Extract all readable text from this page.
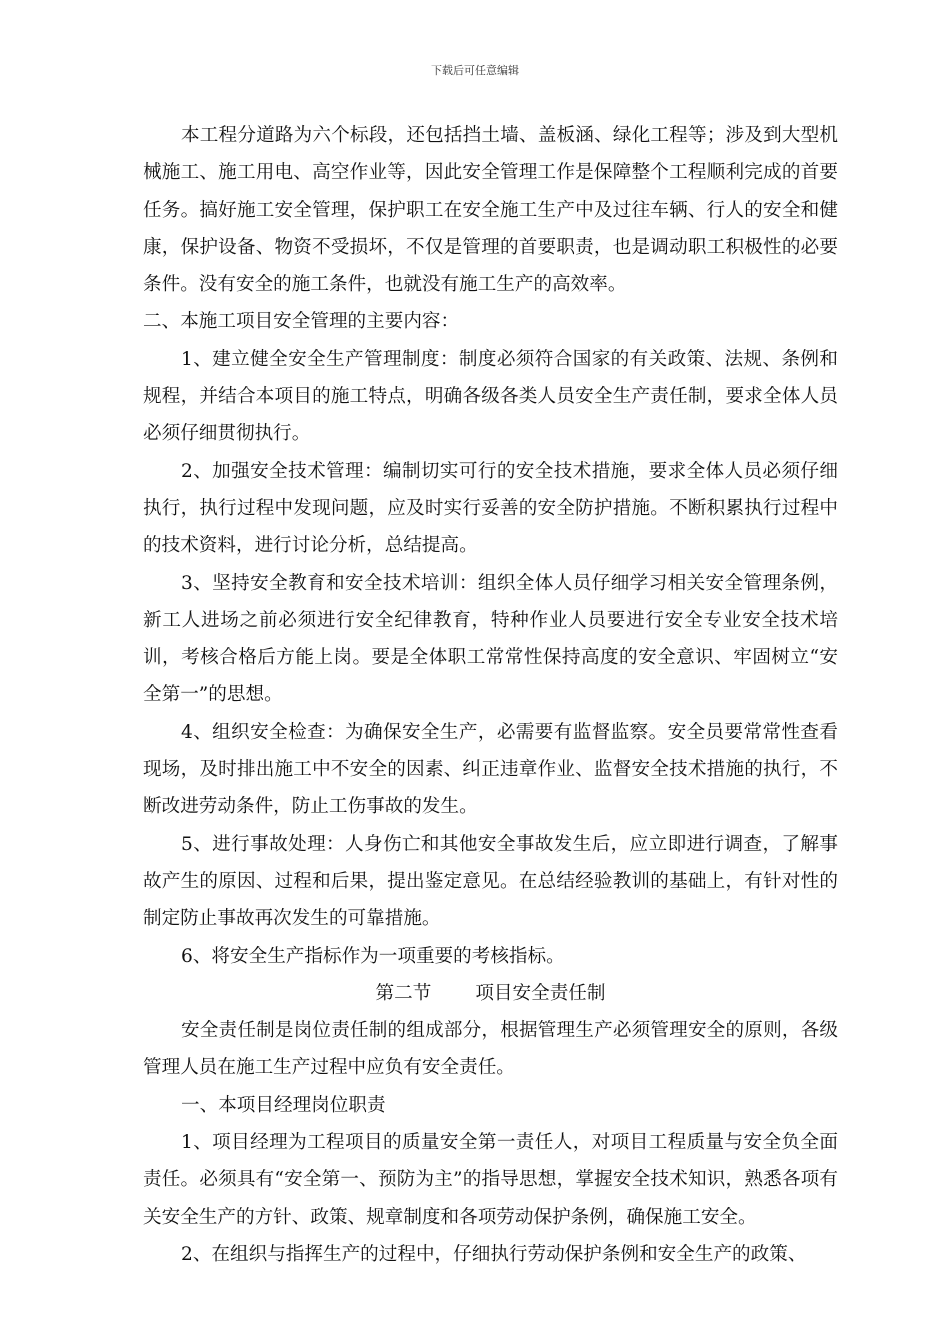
下载后可任意编辑

本工程分道路为六个标段，还包括挡土墙、盖板涵、绿化工程等；涉及到大型机械施工、施工用电、高空作业等，因此安全管理工作是保障整个工程顺利完成的首要任务。搞好施工安全管理，保护职工在安全施工生产中及过往车辆、行人的安全和健康，保护设备、物资不受损坏，不仅是管理的首要职责，也是调动职工积极性的必要条件。没有安全的施工条件，也就没有施工生产的高效率。

二、本施工项目安全管理的主要内容：

1、建立健全安全生产管理制度：制度必须符合国家的有关政策、法规、条例和规程，并结合本项目的施工特点，明确各级各类人员安全生产责任制，要求全体人员必须仔细贯彻执行。

2、加强安全技术管理：编制切实可行的安全技术措施，要求全体人员必须仔细执行，执行过程中发现问题，应及时实行妥善的安全防护措施。不断积累执行过程中的技术资料，进行讨论分析，总结提高。

3、坚持安全教育和安全技术培训：组织全体人员仔细学习相关安全管理条例，新工人进场之前必须进行安全纪律教育，特种作业人员要进行安全专业安全技术培训，考核合格后方能上岗。要是全体职工常常性保持高度的安全意识、牢固树立“安全第一”的思想。

4、组织安全检查：为确保安全生产，必需要有监督监察。安全员要常常性查看现场，及时排出施工中不安全的因素、纠正违章作业、监督安全技术措施的执行，不断改进劳动条件，防止工伤事故的发生。

5、进行事故处理：人身伤亡和其他安全事故发生后，应立即进行调查，了解事故产生的原因、过程和后果，提出鉴定意见。在总结经验教训的基础上，有针对性的制定防止事故再次发生的可靠措施。

6、将安全生产指标作为一项重要的考核指标。

第二节 项目安全责任制

安全责任制是岗位责任制的组成部分，根据管理生产必须管理安全的原则，各级管理人员在施工生产过程中应负有安全责任。

一、本项目经理岗位职责

1、项目经理为工程项目的质量安全第一责任人，对项目工程质量与安全负全面责任。必须具有“安全第一、预防为主”的指导思想，掌握安全技术知识，熟悉各项有关安全生产的方针、政策、规章制度和各项劳动保护条例，确保施工安全。

2、在组织与指挥生产的过程中，仔细执行劳动保护条例和安全生产的政策、
